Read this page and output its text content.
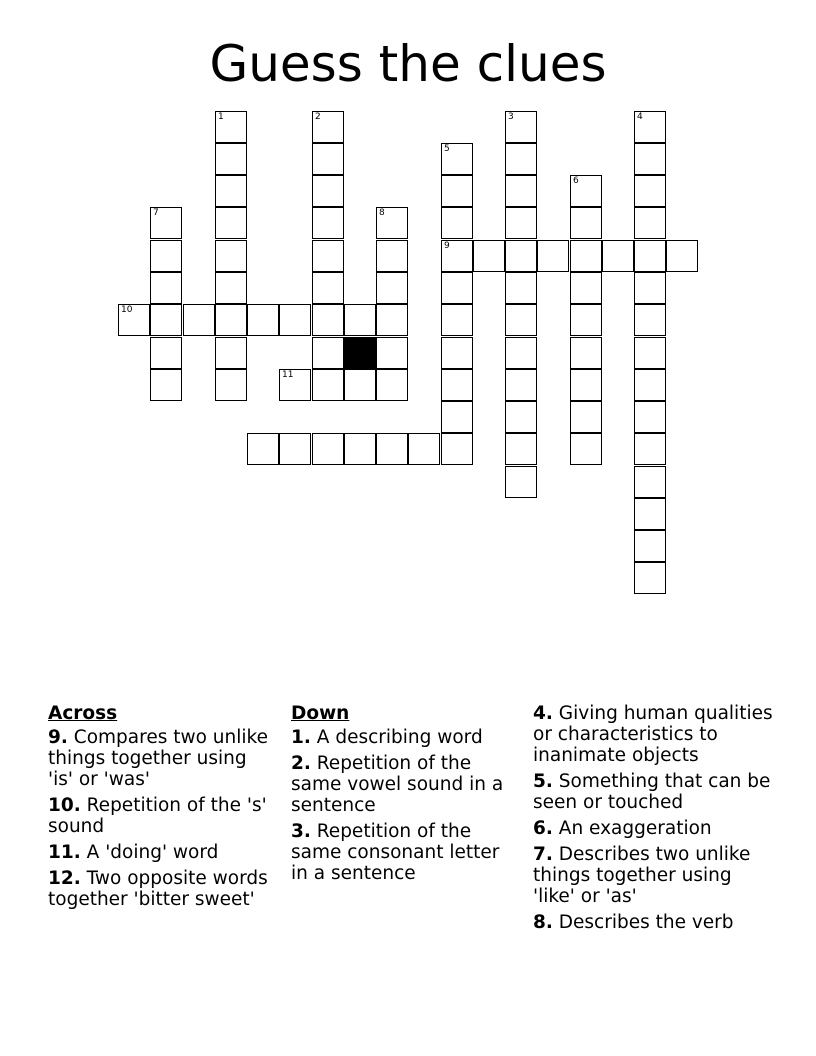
Guess the clues
1	2	3	4
5
9
6
7	8
10
11
Across
9. Compares two unlike things together using 'is' or 'was'
10. Repetition of the 's' sound
11. A 'doing' word
12. Two opposite words together 'bitter sweet'
Down
1. A describing word
2. Repetition of the same vowel sound in a sentence
3. Repetition of the same consonant letter in a sentence
4. Giving human qualities or characteristics to inanimate objects
5. Something that can be seen or touched
6. An exaggeration
7. Describes two unlike things together using 'like' or 'as'
8. Describes the verb
